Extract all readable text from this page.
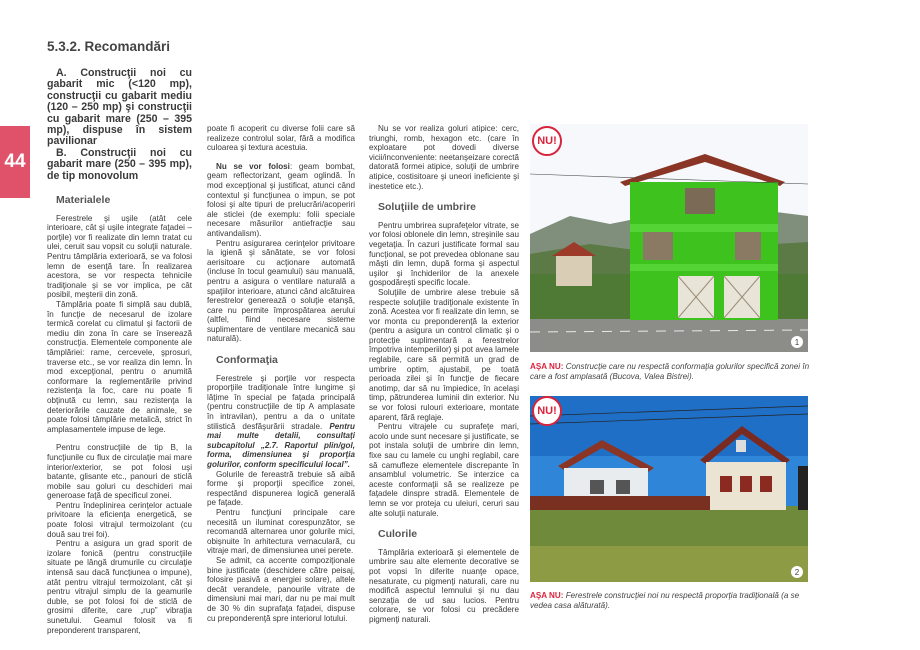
44
5.3.2. Recomandări

A. Construcţii noi cu gabarit mic (<120 mp), construcţii cu gabarit mediu (120 – 250 mp) şi construcţii cu gabarit mare (250 – 395 mp), dispuse în sistem pavilionar

B. Construcţii noi cu gabarit mare (250 – 395 mp), de tip monovolum

Materialele

Ferestrele şi uşile (atât cele interioare, cât şi uşile integrate faţadei – porţile) vor fi realizate din lemn tratat cu ulei, ceruit sau vopsit cu soluţii naturale. Pentru tâmplăria exterioară, se va folosi lemn de esenţă tare. În realizarea acestora, se vor respecta tehnicile tradiţionale şi se vor implica, pe cât posibil, meşterii din zonă.

Tâmplăria poate fi simplă sau dublă, în funcţie de necesarul de izolare termică corelat cu climatul şi factorii de mediu din zona în care se înserează construcţia. Elementele componente ale tâmplăriei: rame, cercevele, şprosuri, traverse etc., se vor realiza din lemn. În mod excepţional, pentru o anumită conformare la reglementările privind rezistenţa la foc, care nu poate fi obţinută cu lemn, sau rezistenţa la deteriorările cauzate de animale, se poate folosi tâmplărie metalică, strict în amplasamentele impuse de lege.

Pentru construcţiile de tip B, la funcţiunile cu flux de circulaţie mai mare interior/exterior, se pot folosi uşi batante, glisante etc., panouri de sticlă mobile sau goluri cu deschideri mai generoase faţă de specificul zonei.

Pentru îndeplinirea cerinţelor actuale privitoare la eficienţa energetică, se poate folosi vitrajul termoizolant (cu două sau trei foi).

Pentru a asigura un grad sporit de izolare fonică (pentru construcţiile situate pe lângă drumurile cu circulaţie intensă sau dacă funcţiunea o impune), atât pentru vitrajul termoizolant, cât şi pentru vitrajul simplu de la geamurile duble, se pot folosi foi de sticlă de grosimi diferite, care „rup” vibraţia sunetului. Geamul folosit va fi preponderent transparent,

poate fi acoperit cu diverse folii care să realizeze controlul solar, fără a modifica culoarea şi textura acestuia.

Nu se vor folosi: geam bombat, geam reflectorizant, geam oglindă. În mod excepţional şi justificat, atunci când contextul şi funcţiunea o impun, se pot folosi şi alte tipuri de prelucrări/acoperiri ale sticlei (de exemplu: folii speciale necesare măsurilor antiefracţie sau antivandalism).

Pentru asigurarea cerinţelor privitoare la igienă şi sănătate, se vor folosi aerisitoare cu acţionare automată (incluse în tocul geamului) sau manuală, pentru a asigura o ventilare naturală a spaţiilor interioare, atunci când alcătuirea ferestrelor generează o soluţie etanşă, care nu permite împrospătarea aerului (altfel, fiind necesare sisteme suplimentare de ventilare mecanică sau naturală).

Conformaţia

Ferestrele şi porţile vor respecta proporţiile tradiţionale între lungime şi lăţime în special pe faţada principală (pentru construcţiile de tip A amplasate în intravilan), pentru a da o unitate stilistică desfăşurării stradale. Pentru mai multe detalii, consultaţi subcapitolul „2.7. Raportul plin/gol, forma, dimensiunea şi proporţia golurilor, conform specificului local”.

Golurile de fereastră trebuie să aibă forme şi proporţii specifice zonei, respectând dispunerea logică generală pe faţade.

Pentru funcţiuni principale care necesită un iluminat corespunzător, se recomandă alternarea unor golurile mici, obişnuite în arhitectura vernaculară, cu vitraje mari, de dimensiunea unei perete.

Se admit, ca accente compoziţionale bine justificate (deschidere către peisaj, folosire pasivă a energiei solare), altele decât verandele, panourile vitrate de dimensiuni mai mari, dar nu pe mai mult de 30 % din suprafaţa faţadei, dispuse cu preponderenţă spre interiorul lotului.

Nu se vor realiza goluri atipice: cerc, triunghi, romb, hexagon etc. (care în exploatare pot dovedi diverse vicii/inconveniente: neetanşeizare corectă datorată formei atipice, soluţii de umbrire atipice, costisitoare şi uneori ineficiente şi inestetice etc.).

Soluţiile de umbrire

Pentru umbrirea suprafeţelor vitrate, se vor folosi oblonele din lemn, streşinile sau vegetaţia. În cazuri justificate formal sau funcţional, se pot prevedea oblonane sau măşti din lemn, după forma şi aspectul uşilor şi închiderilor de la anexele gospodăreşti specific locale.

Soluţiile de umbrire alese trebuie să respecte soluţiile tradiţionale existente în zonă. Acestea vor fi realizate din lemn, se vor monta cu preponderenţă la exterior (pentru a asigura un control climatic şi o protecţie suplimentară a ferestrelor împotriva intemperiilor) şi pot avea lamele reglabile, care să permită un grad de umbrire optim, ajustabil, pe toată perioada zilei şi în funcţie de fiecare anotimp, dar să nu împiedice, în acelaşi timp, pătrunderea luminii din exterior. Nu se vor folosi rulouri exterioare, montate aparent, fără reglaje.

Pentru vitrajele cu suprafeţe mari, acolo unde sunt necesare şi justificate, se pot instala soluţii de umbrire din lemn, fixe sau cu lamele cu unghi reglabil, care să camufleze elementele discrepante în ansamblul volumetric. Se interzice ca aceste conformaţii să se realizeze pe faţadele dinspre stradă. Elementele de lemn se vor proteja cu uleiuri, ceruri sau alte soluţii naturale.

Culorile

Tâmplăria exterioară şi elementele de umbrire sau alte elemente decorative se pot vopsi în diferite nuanţe opace, nesaturate, cu pigmenţi naturali, care nu modifică aspectul lemnului şi nu dau senzaţia de ud sau lucios. Pentru colorare, se vor folosi cu precădere pigmenţi naturali.

NU!
1
AŞA NU: Construcţie care nu respectă conformaţia golurilor specifică zonei în care a fost amplasată (Bucova, Valea Bistrei).
NU!
2
AŞA NU: Ferestrele construcţiei noi nu respectă proporţia tradiţională (a se vedea casa alăturată).
